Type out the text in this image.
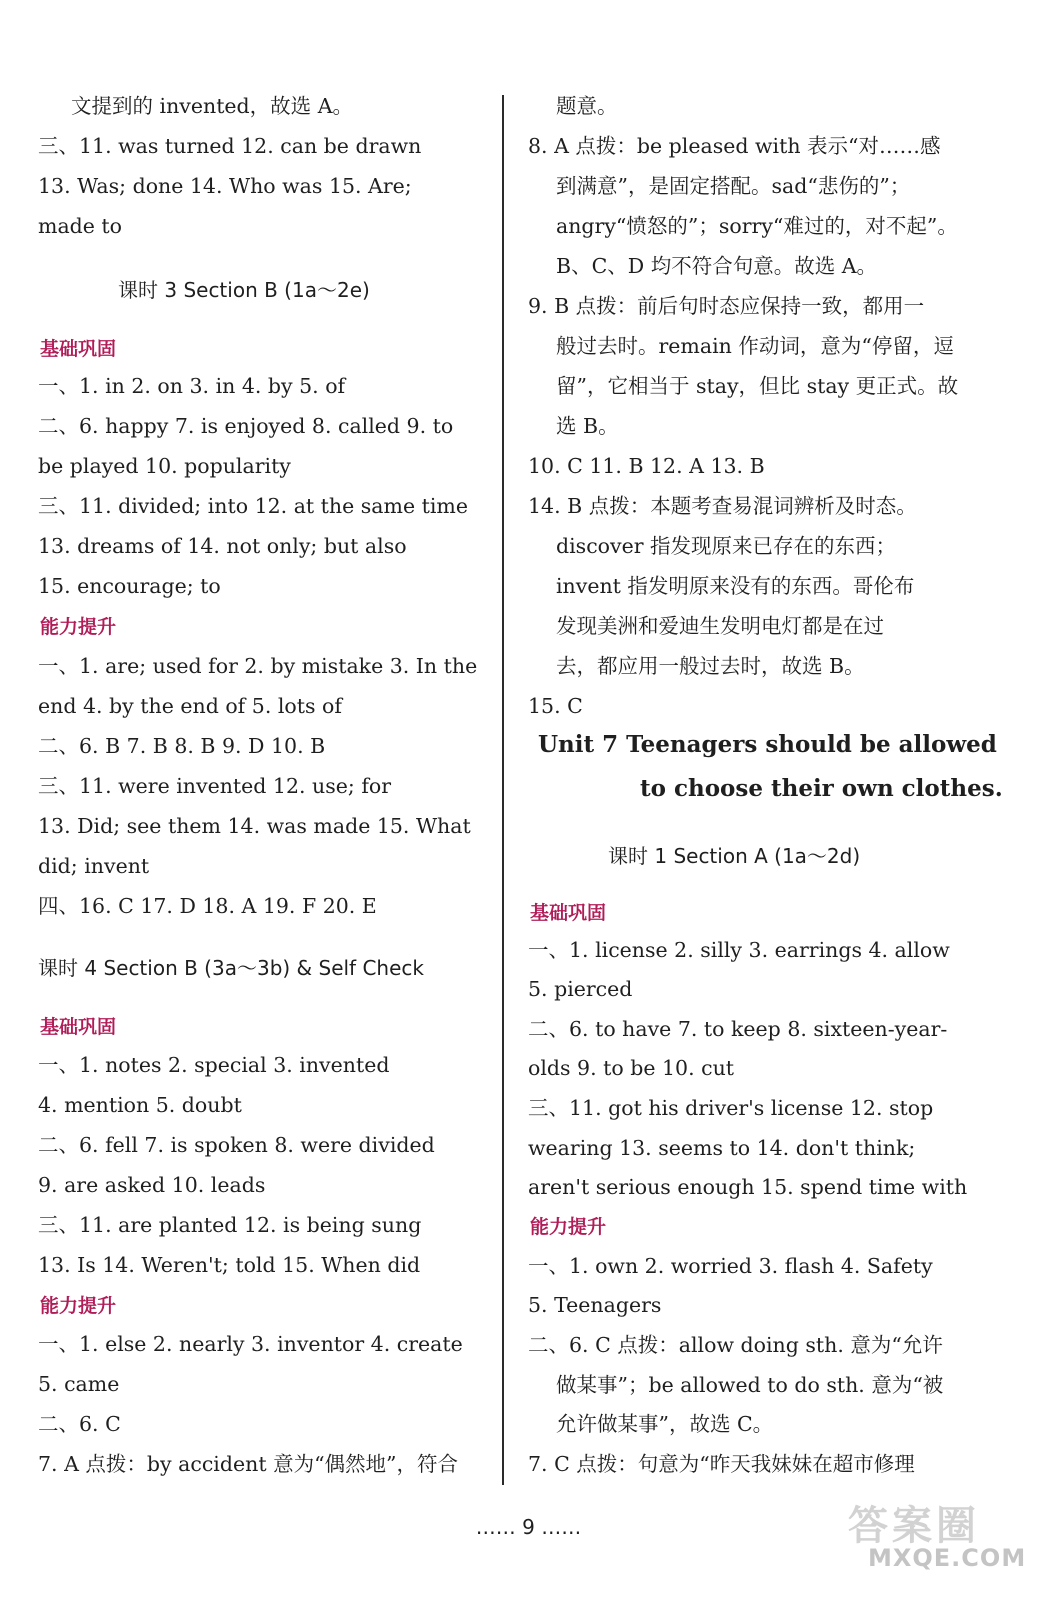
文提到的 invented，故选 A。
三、11. was turned 12. can be drawn
13. Was; done 14. Who was 15. Are;
made to
课时 3 Section B (1a～2e)
基础巩固
一、1. in 2. on 3. in 4. by 5. of
二、6. happy 7. is enjoyed 8. called 9. to
be played 10. popularity
三、11. divided; into 12. at the same time
13. dreams of 14. not only; but also
15. encourage; to
能力提升
一、1. are; used for 2. by mistake 3. In the
end 4. by the end of 5. lots of
二、6. B 7. B 8. B 9. D 10. B
三、11. were invented 12. use; for
13. Did; see them 14. was made 15. What
did; invent
四、16. C 17. D 18. A 19. F 20. E
课时 4 Section B (3a～3b) & Self Check
基础巩固
一、1. notes 2. special 3. invented
4. mention 5. doubt
二、6. fell 7. is spoken 8. were divided
9. are asked 10. leads
三、11. are planted 12. is being sung
13. Is 14. Weren't; told 15. When did
能力提升
一、1. else 2. nearly 3. inventor 4. create
5. came
二、6. C
7. A 点拨：by accident 意为“偶然地”，符合
题意。
8. A 点拨：be pleased with 表示“对……感
到满意”，是固定搭配。sad“悲伤的”；
angry“愤怒的”；sorry“难过的，对不起”。
B、C、D 均不符合句意。故选 A。
9. B 点拨：前后句时态应保持一致，都用一
般过去时。remain 作动词，意为“停留，逗
留”，它相当于 stay，但比 stay 更正式。故
选 B。
10. C 11. B 12. A 13. B
14. B 点拨：本题考查易混词辨析及时态。
discover 指发现原来已存在的东西；
invent 指发明原来没有的东西。哥伦布
发现美洲和爱迪生发明电灯都是在过
去，都应用一般过去时，故选 B。
15. C
Unit 7 Teenagers should be allowed
to choose their own clothes.
课时 1 Section A (1a～2d)
基础巩固
一、1. license 2. silly 3. earrings 4. allow
5. pierced
二、6. to have 7. to keep 8. sixteen-year-
olds 9. to be 10. cut
三、11. got his driver's license 12. stop
wearing 13. seems to 14. don't think;
aren't serious enough 15. spend time with
能力提升
一、1. own 2. worried 3. flash 4. Safety
5. Teenagers
二、6. C 点拨：allow doing sth. 意为“允许
做某事”；be allowed to do sth. 意为“被
允许做某事”，故选 C。
7. C 点拨：句意为“昨天我妹妹在超市修理
…… 9 ……	答案圈
MXQE.COM
